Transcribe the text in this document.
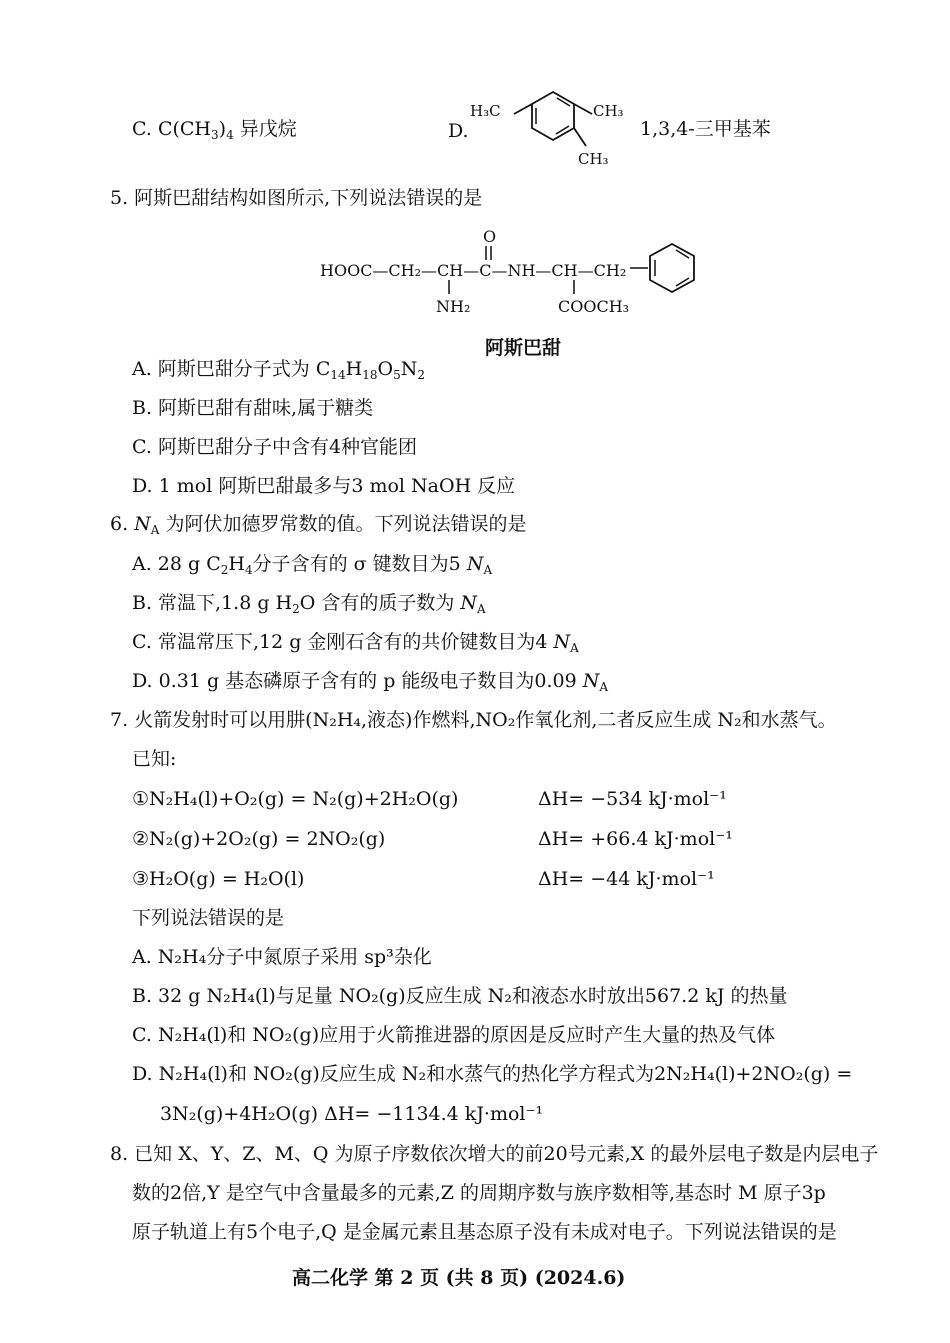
C. $C(CH_3)_4$ 异戊烷	D.
H₃C	CH₃
CH₃
1,3,4-三甲基苯
5. 阿斯巴甜结构如图所示,下列说法错误的是
HOOC—CH₂—CH—C—NH—CH—CH₂
O
NH₂	COOCH₃
阿斯巴甜
A. 阿斯巴甜分子式为 $C_{14}H_{18}O_5N_2$
B. 阿斯巴甜有甜味,属于糖类
C. 阿斯巴甜分子中含有4种官能团
D. 1 mol 阿斯巴甜最多与3 mol NaOH 反应
6. $N_A$ 为阿伏加德罗常数的值。下列说法错误的是
A. 28 g $C_2H_4$分子含有的 σ 键数目为5 $N_A$
B. 常温下,1.8 g $H_2O$ 含有的质子数为 $N_A$
C. 常温常压下,12 g 金刚石含有的共价键数目为4 $N_A$
D. 0.31 g 基态磷原子含有的 p 能级电子数目为0.09 $N_A$
7. 火箭发射时可以用肼(N₂H₄,液态)作燃料,NO₂作氧化剂,二者反应生成 N₂和水蒸气。
已知:
①N₂H₄(l)+O₂(g) = N₂(g)+2H₂O(g)	ΔH= −534 kJ·mol⁻¹
②N₂(g)+2O₂(g) = 2NO₂(g)	ΔH= +66.4 kJ·mol⁻¹
③H₂O(g) = H₂O(l)	ΔH= −44 kJ·mol⁻¹
下列说法错误的是
A. N₂H₄分子中氮原子采用 sp³杂化
B. 32 g N₂H₄(l)与足量 NO₂(g)反应生成 N₂和液态水时放出567.2 kJ 的热量
C. N₂H₄(l)和 NO₂(g)应用于火箭推进器的原因是反应时产生大量的热及气体
D. N₂H₄(l)和 NO₂(g)反应生成 N₂和水蒸气的热化学方程式为2N₂H₄(l)+2NO₂(g) =
3N₂(g)+4H₂O(g) ΔH= −1134.4 kJ·mol⁻¹
8. 已知 X、Y、Z、M、Q 为原子序数依次增大的前20号元素,X 的最外层电子数是内层电子
数的2倍,Y 是空气中含量最多的元素,Z 的周期序数与族序数相等,基态时 M 原子3p
原子轨道上有5个电子,Q 是金属元素且基态原子没有未成对电子。下列说法错误的是
高二化学 第 2 页 (共 8 页) (2024.6)
